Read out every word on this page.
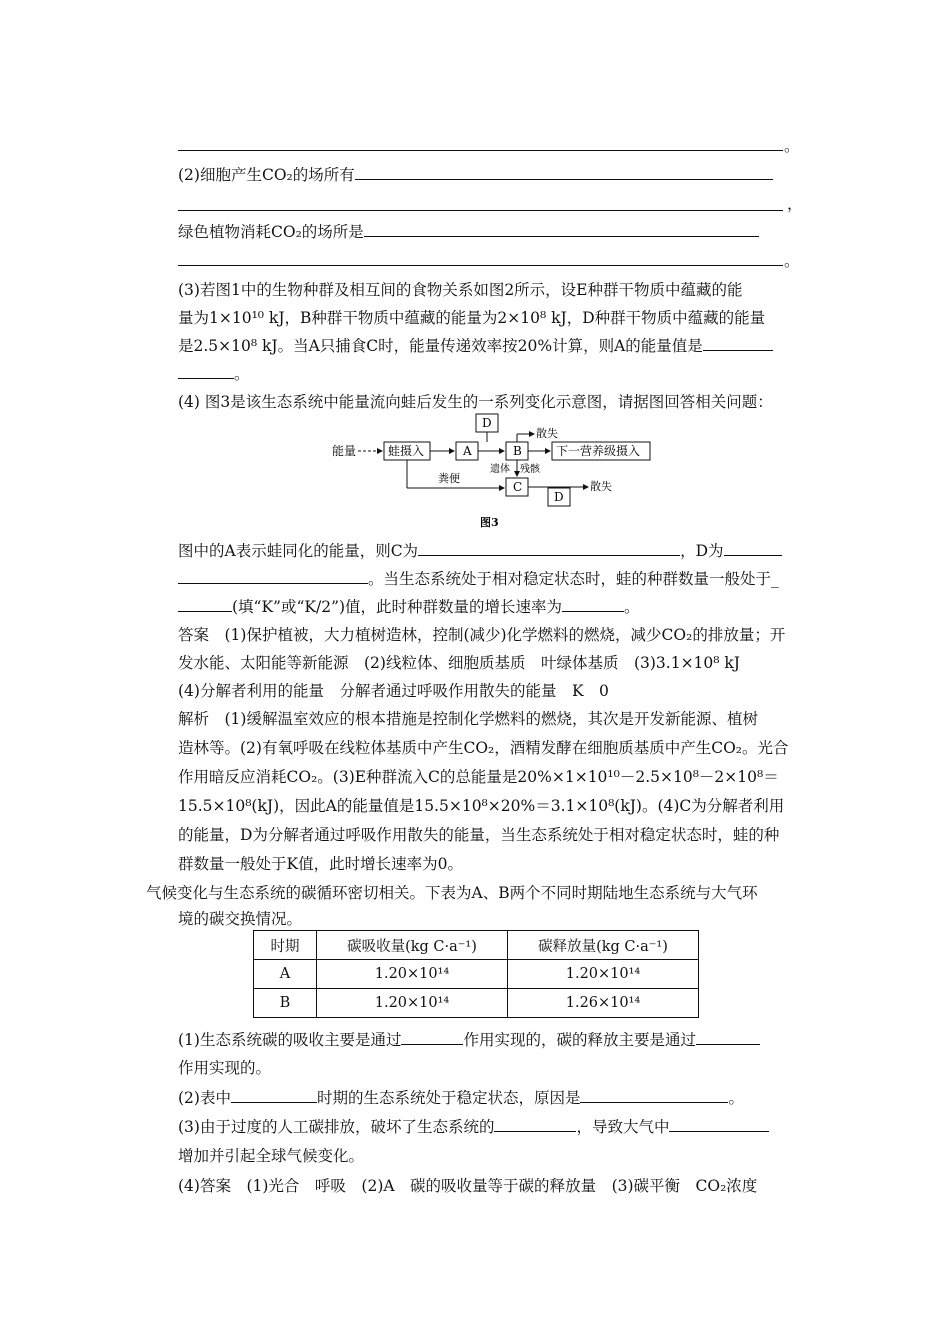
。
(2)细胞产生CO₂的场所有
，
绿色植物消耗CO₂的场所是
。
(3)若图1中的生物种群及相互间的食物关系如图2所示，设E种群干物质中蕴藏的能
量为1×10¹⁰ kJ，B种群干物质中蕴藏的能量为2×10⁸ kJ，D种群干物质中蕴藏的能量
是2.5×10⁸ kJ。当A只捕食C时，能量传递效率按20%计算，则A的能量值是
。
(4) 图3是该生态系统中能量流向蛙后发生的一系列变化示意图，请据图回答相关问题：
能量	蛙摄入	A
D
B
散失
下一营养级摄入
遗体 残骸
粪便
C
D
散失
图3
图中的A表示蛙同化的能量，则C为	，D为
。当生态系统处于相对稳定状态时，蛙的种群数量一般处于_
(填“K”或“K/2”)值，此时种群数量的增长速率为	。
答案　(1)保护植被，大力植树造林，控制(减少)化学燃料的燃烧，减少CO₂的排放量；开
发水能、太阳能等新能源　(2)线粒体、细胞质基质　叶绿体基质　(3)3.1×10⁸ kJ
(4)分解者利用的能量　分解者通过呼吸作用散失的能量　K　0
解析　(1)缓解温室效应的根本措施是控制化学燃料的燃烧，其次是开发新能源、植树
造林等。(2)有氧呼吸在线粒体基质中产生CO₂，酒精发酵在细胞质基质中产生CO₂。光合
作用暗反应消耗CO₂。(3)E种群流入C的总能量是20%×1×10¹⁰－2.5×10⁸－2×10⁸＝
15.5×10⁸(kJ)，因此A的能量值是15.5×10⁸×20%＝3.1×10⁸(kJ)。(4)C为分解者利用
的能量，D为分解者通过呼吸作用散失的能量，当生态系统处于相对稳定状态时，蛙的种
群数量一般处于K值，此时增长速率为0。
气候变化与生态系统的碳循环密切相关。下表为A、B两个不同时期陆地生态系统与大气环
境的碳交换情况。
时期	碳吸收量(kg C·a⁻¹)	碳释放量(kg C·a⁻¹)
A	1.20×10¹⁴	1.20×10¹⁴
B	1.20×10¹⁴	1.26×10¹⁴
(1)生态系统碳的吸收主要是通过	作用实现的，碳的释放主要是通过
作用实现的。
(2)表中	时期的生态系统处于稳定状态，原因是	。
(3)由于过度的人工碳排放，破坏了生态系统的	，导致大气中
增加并引起全球气候变化。
(4)答案　(1)光合　呼吸　(2)A　碳的吸收量等于碳的释放量　(3)碳平衡　CO₂浓度
